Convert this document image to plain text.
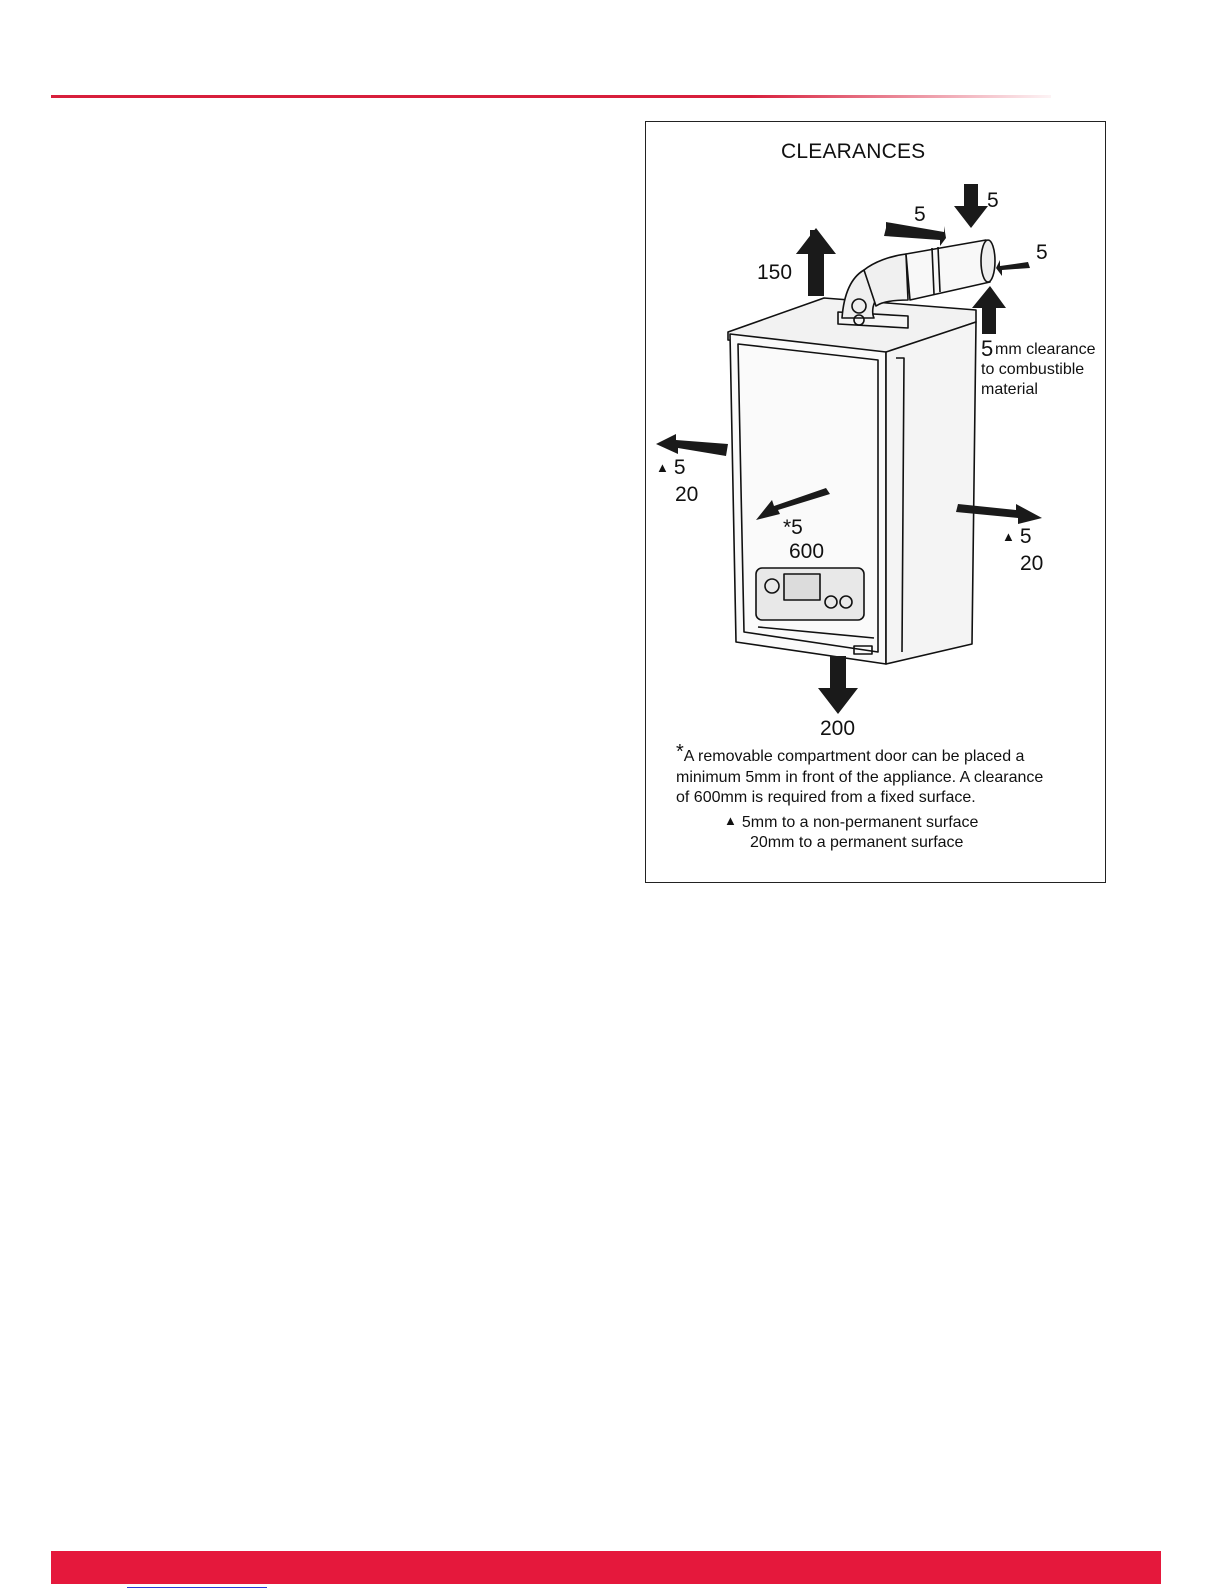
CLEARANCES
150
5
5
5
5 mm clearance
to combustible
material
▲ 5
20
*5
600
▲ 5
20
200
*A removable compartment door can be placed a
minimum 5mm in front of the appliance. A clearance
of 600mm is required from a fixed surface.
▲ 5mm to a non-permanent surface
20mm to a permanent surface
